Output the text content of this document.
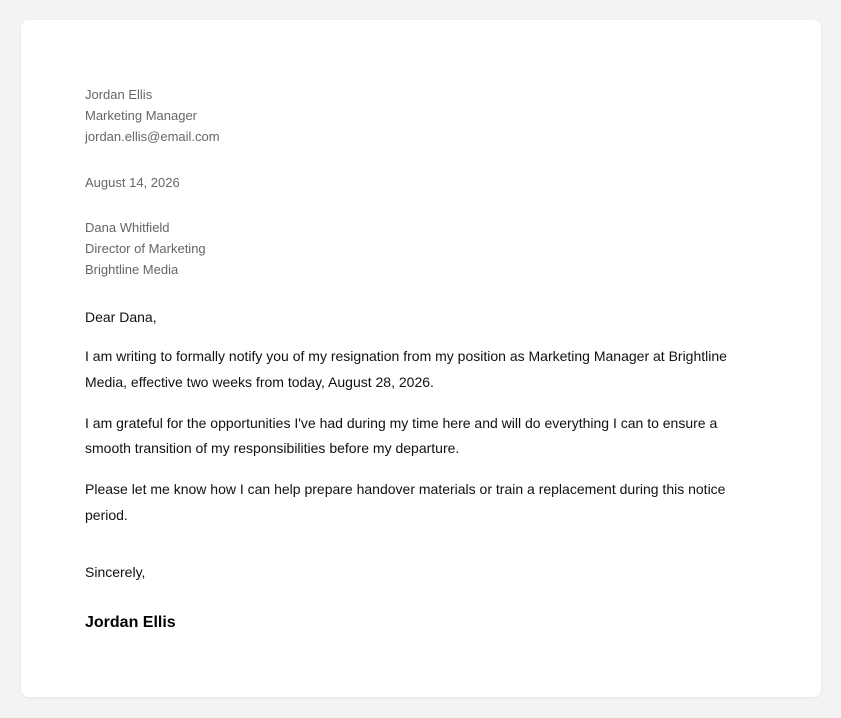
Jordan Ellis
Marketing Manager
jordan.ellis@email.com
August 14, 2026
Dana Whitfield
Director of Marketing
Brightline Media
Dear Dana,

I am writing to formally notify you of my resignation from my position as Marketing Manager at Brightline Media, effective two weeks from today, August 28, 2026.

I am grateful for the opportunities I've had during my time here and will do everything I can to ensure a smooth transition of my responsibilities before my departure.

Please let me know how I can help prepare handover materials or train a replacement during this notice period.

Sincerely,
Jordan Ellis
